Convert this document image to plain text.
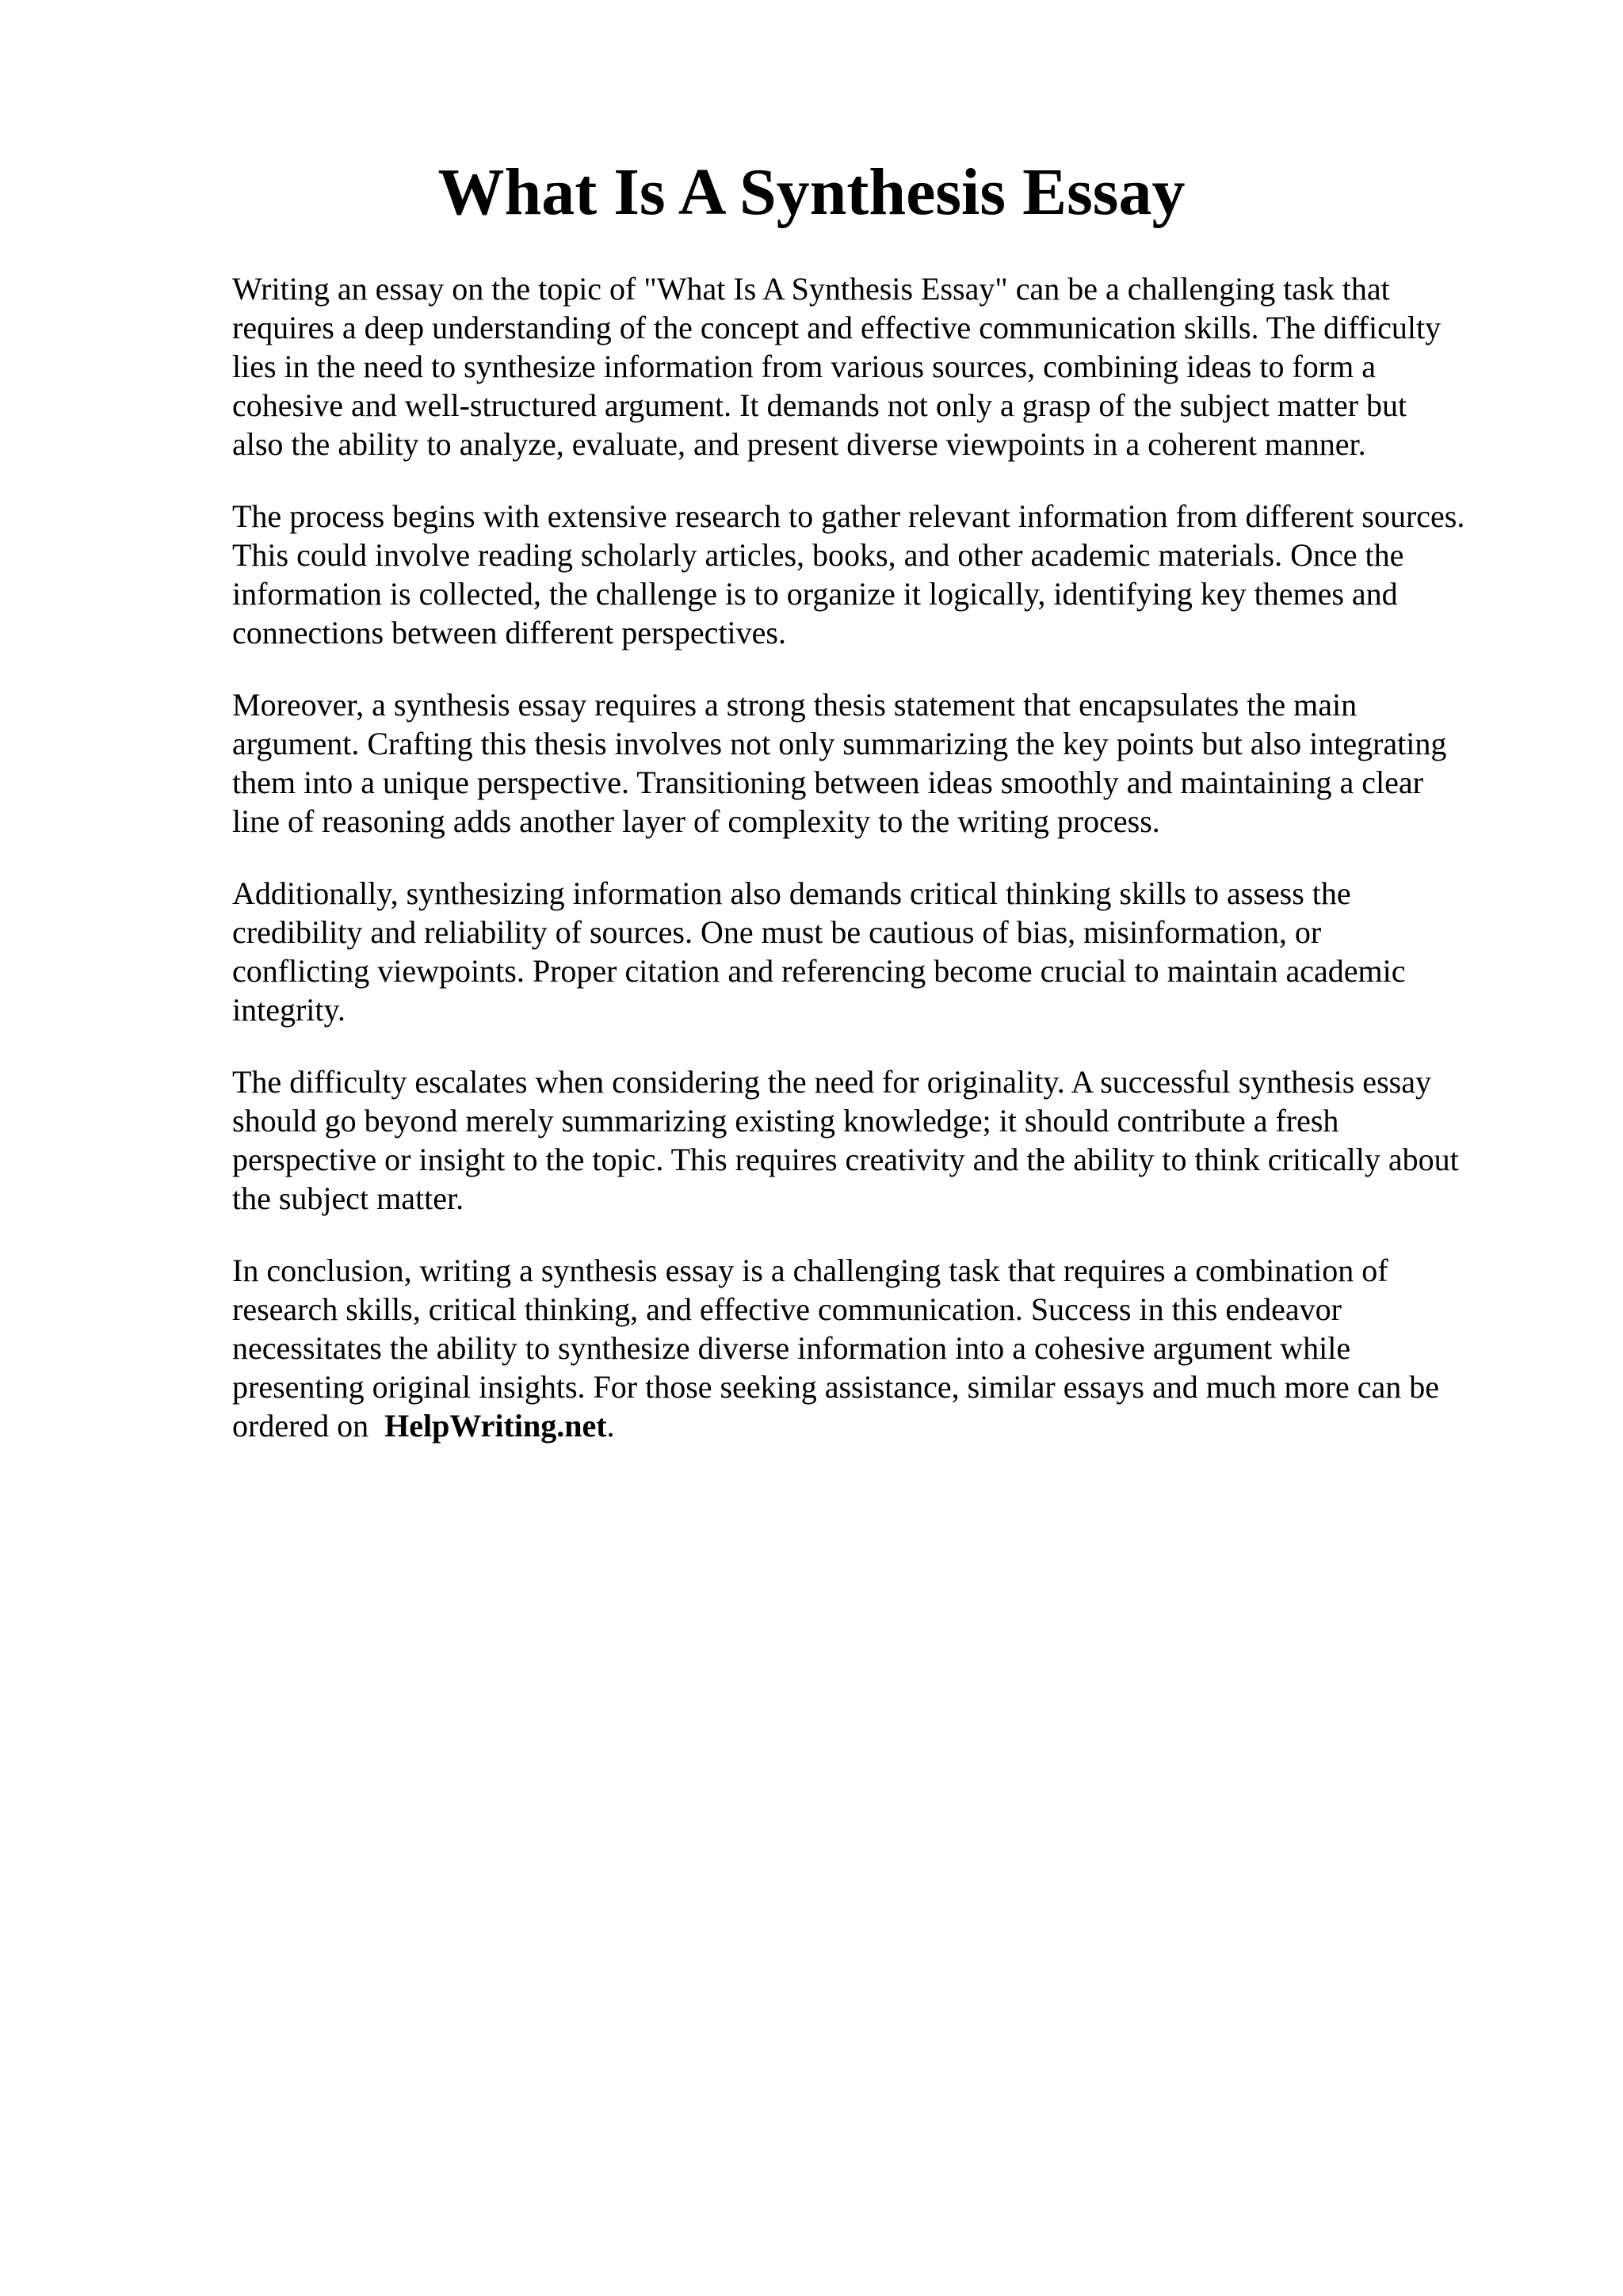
What Is A Synthesis Essay

Writing an essay on the topic of "What Is A Synthesis Essay" can be a challenging task that
requires a deep understanding of the concept and effective communication skills. The difficulty
lies in the need to synthesize information from various sources, combining ideas to form a
cohesive and well-structured argument. It demands not only a grasp of the subject matter but
also the ability to analyze, evaluate, and present diverse viewpoints in a coherent manner.

The process begins with extensive research to gather relevant information from different sources.
This could involve reading scholarly articles, books, and other academic materials. Once the
information is collected, the challenge is to organize it logically, identifying key themes and
connections between different perspectives.

Moreover, a synthesis essay requires a strong thesis statement that encapsulates the main
argument. Crafting this thesis involves not only summarizing the key points but also integrating
them into a unique perspective. Transitioning between ideas smoothly and maintaining a clear
line of reasoning adds another layer of complexity to the writing process.

Additionally, synthesizing information also demands critical thinking skills to assess the
credibility and reliability of sources. One must be cautious of bias, misinformation, or
conflicting viewpoints. Proper citation and referencing become crucial to maintain academic
integrity.

The difficulty escalates when considering the need for originality. A successful synthesis essay
should go beyond merely summarizing existing knowledge; it should contribute a fresh
perspective or insight to the topic. This requires creativity and the ability to think critically about
the subject matter.

In conclusion, writing a synthesis essay is a challenging task that requires a combination of
research skills, critical thinking, and effective communication. Success in this endeavor
necessitates the ability to synthesize diverse information into a cohesive argument while
presenting original insights. For those seeking assistance, similar essays and much more can be
ordered on HelpWriting.net.
